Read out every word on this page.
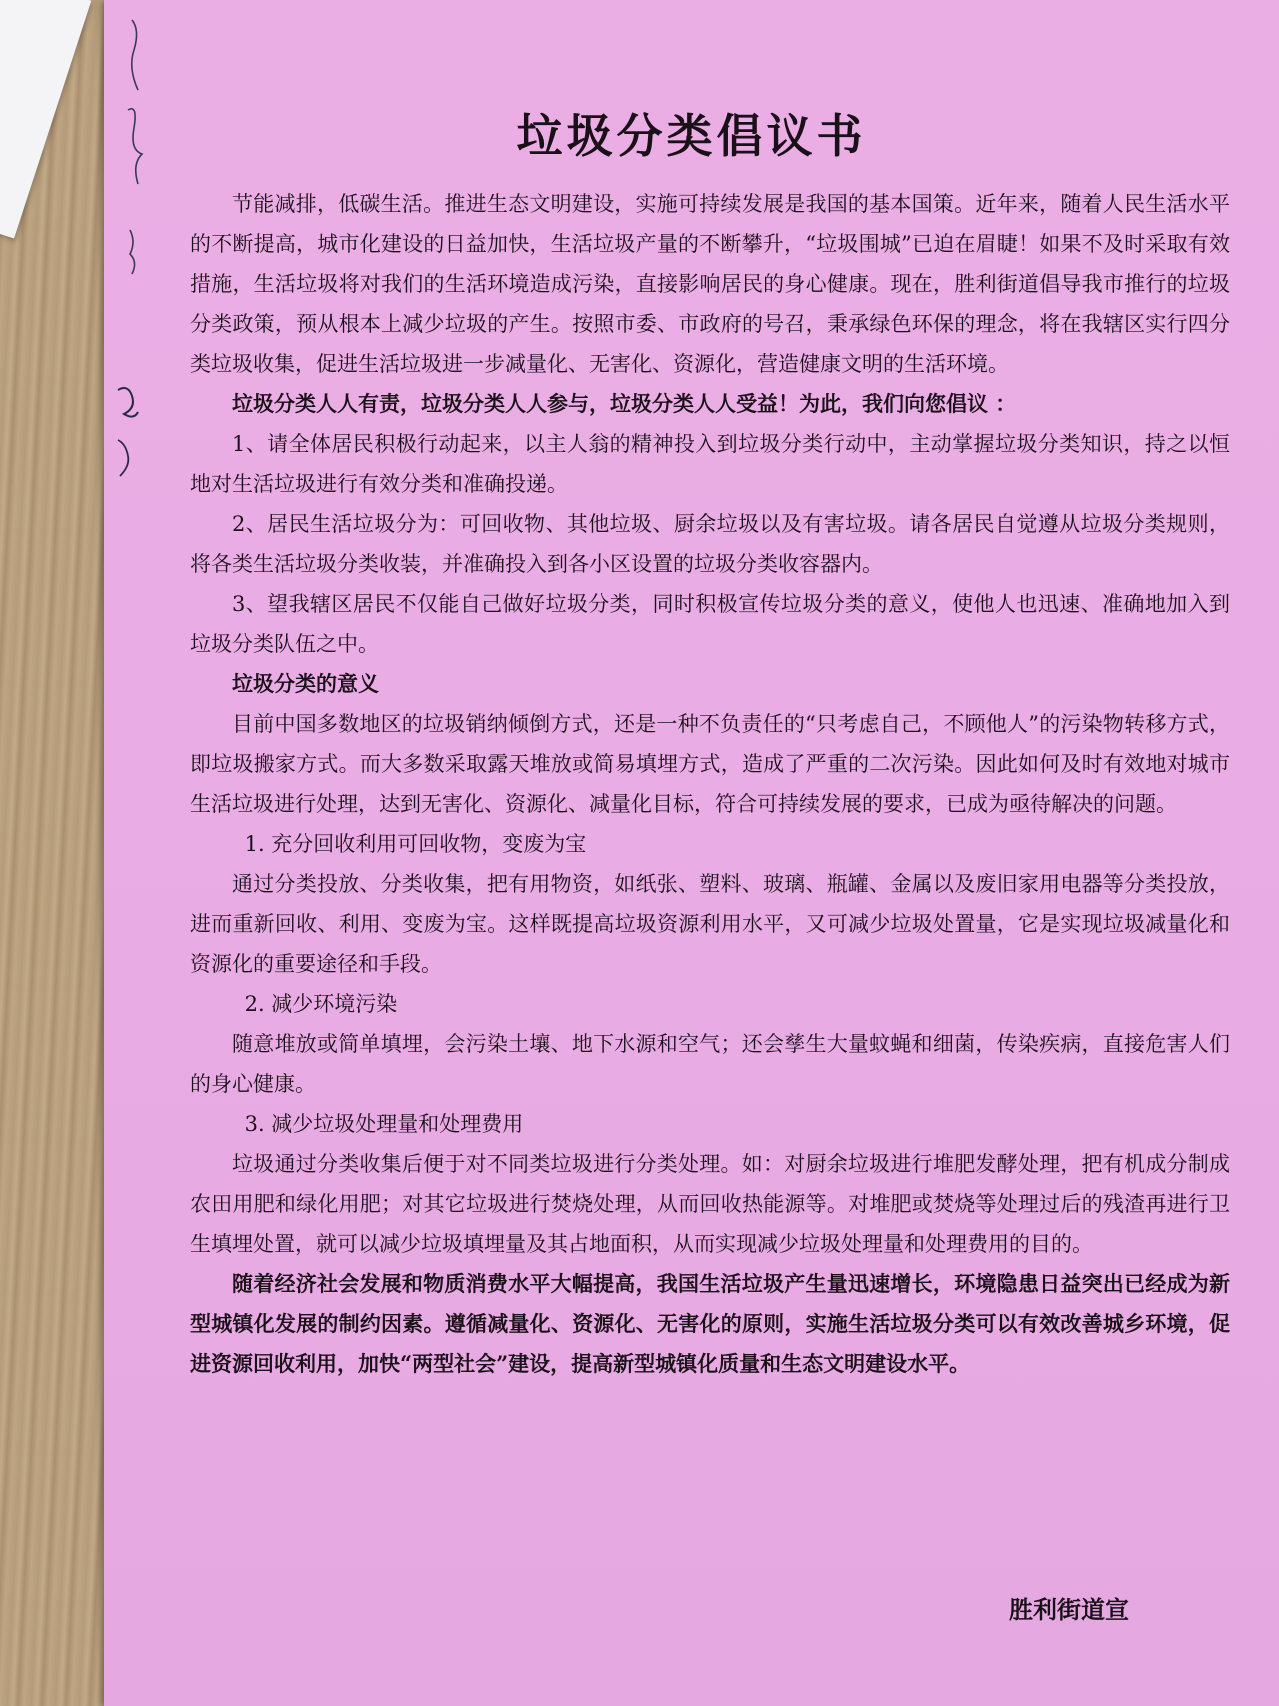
垃圾分类倡议书

节能减排，低碳生活。推进生态文明建设，实施可持续发展是我国的基本国策。近年来，随着人民生活水平的不断提高，城市化建设的日益加快，生活垃圾产量的不断攀升，“垃圾围城”已迫在眉睫！如果不及时采取有效措施，生活垃圾将对我们的生活环境造成污染，直接影响居民的身心健康。现在，胜利街道倡导我市推行的垃圾分类政策，预从根本上减少垃圾的产生。按照市委、市政府的号召，秉承绿色环保的理念，将在我辖区实行四分类垃圾收集，促进生活垃圾进一步减量化、无害化、资源化，营造健康文明的生活环境。

垃圾分类人人有责，垃圾分类人人参与，垃圾分类人人受益！为此，我们向您倡议 ：

1、请全体居民积极行动起来，以主人翁的精神投入到垃圾分类行动中，主动掌握垃圾分类知识，持之以恒地对生活垃圾进行有效分类和准确投递。

2、居民生活垃圾分为：可回收物、其他垃圾、厨余垃圾以及有害垃圾。请各居民自觉遵从垃圾分类规则，将各类生活垃圾分类收装，并准确投入到各小区设置的垃圾分类收容器内。

3、望我辖区居民不仅能自己做好垃圾分类，同时积极宣传垃圾分类的意义，使他人也迅速、准确地加入到垃圾分类队伍之中。

垃圾分类的意义

目前中国多数地区的垃圾销纳倾倒方式，还是一种不负责任的“只考虑自己，不顾他人”的污染物转移方式，即垃圾搬家方式。而大多数采取露天堆放或简易填埋方式，造成了严重的二次污染。因此如何及时有效地对城市生活垃圾进行处理，达到无害化、资源化、减量化目标，符合可持续发展的要求，已成为亟待解决的问题。

1. 充分回收利用可回收物，变废为宝

通过分类投放、分类收集，把有用物资，如纸张、塑料、玻璃、瓶罐、金属以及废旧家用电器等分类投放，进而重新回收、利用、变废为宝。这样既提高垃圾资源利用水平，又可减少垃圾处置量，它是实现垃圾减量化和资源化的重要途径和手段。

2. 减少环境污染

随意堆放或简单填埋，会污染土壤、地下水源和空气；还会孳生大量蚊蝇和细菌，传染疾病，直接危害人们的身心健康。

3. 减少垃圾处理量和处理费用

垃圾通过分类收集后便于对不同类垃圾进行分类处理。如：对厨余垃圾进行堆肥发酵处理，把有机成分制成农田用肥和绿化用肥；对其它垃圾进行焚烧处理，从而回收热能源等。对堆肥或焚烧等处理过后的残渣再进行卫生填埋处置，就可以减少垃圾填埋量及其占地面积，从而实现减少垃圾处理量和处理费用的目的。

随着经济社会发展和物质消费水平大幅提高，我国生活垃圾产生量迅速增长，环境隐患日益突出已经成为新型城镇化发展的制约因素。遵循减量化、资源化、无害化的原则，实施生活垃圾分类可以有效改善城乡环境，促进资源回收利用，加快“两型社会”建设，提高新型城镇化质量和生态文明建设水平。

胜利街道宣
